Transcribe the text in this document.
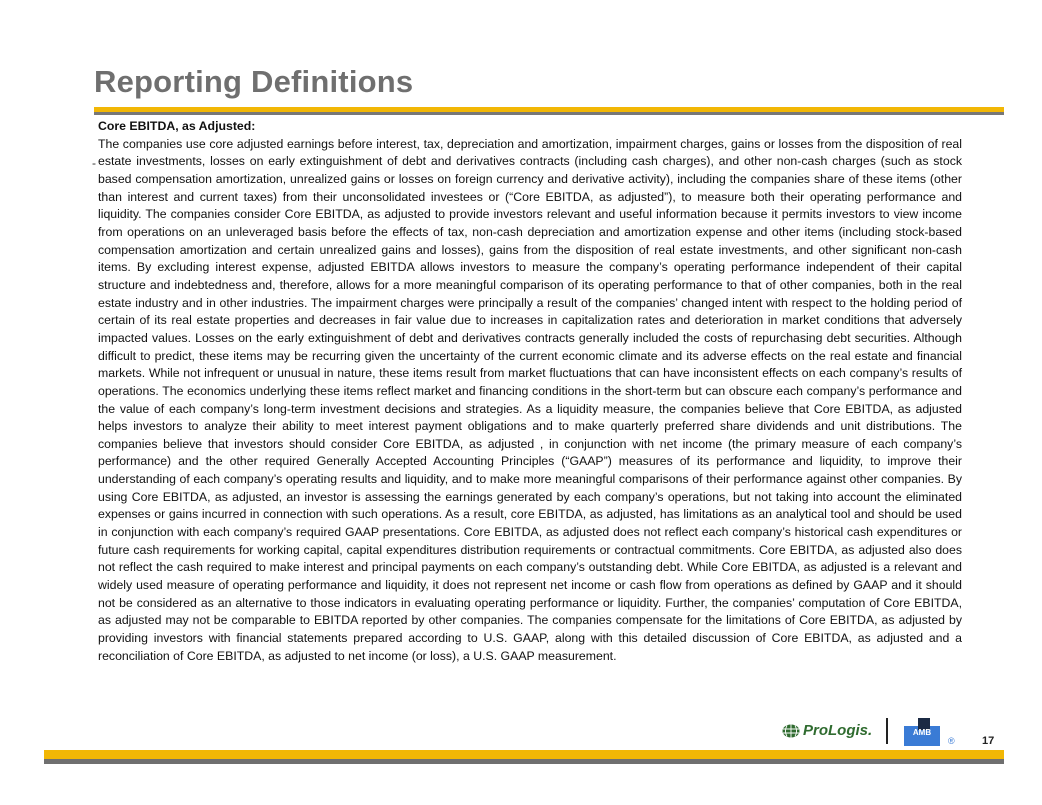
Reporting Definitions
-

Core EBITDA, as Adjusted:

The companies use core adjusted earnings before interest, tax, depreciation and amortization, impairment charges, gains or losses from the disposition of real estate investments, losses on early extinguishment of debt and derivatives contracts (including cash charges), and other non-cash charges (such as stock based compensation amortization, unrealized gains or losses on foreign currency and derivative activity), including the companies share of these items (other than interest and current taxes) from their unconsolidated investees or (“Core EBITDA, as adjusted”), to measure both their operating performance and liquidity. The companies consider Core EBITDA, as adjusted to provide investors relevant and useful information because it permits investors to view income from operations on an unleveraged basis before the effects of tax, non-cash depreciation and amortization expense and other items (including stock-based compensation amortization and certain unrealized gains and losses), gains from the disposition of real estate investments, and other significant non-cash items. By excluding interest expense, adjusted EBITDA allows investors to measure the company’s operating performance independent of their capital structure and indebtedness and, therefore, allows for a more meaningful comparison of its operating performance to that of other companies, both in the real estate industry and in other industries. The impairment charges were principally a result of the companies’ changed intent with respect to the holding period of certain of its real estate properties and decreases in fair value due to increases in capitalization rates and deterioration in market conditions that adversely impacted values. Losses on the early extinguishment of debt and derivatives contracts generally included the costs of repurchasing debt securities. Although difficult to predict, these items may be recurring given the uncertainty of the current economic climate and its adverse effects on the real estate and financial markets. While not infrequent or unusual in nature, these items result from market fluctuations that can have inconsistent effects on each company’s results of operations. The economics underlying these items reflect market and financing conditions in the short-term but can obscure each company’s performance and the value of each company’s long-term investment decisions and strategies. As a liquidity measure, the companies believe that Core EBITDA, as adjusted helps investors to analyze their ability to meet interest payment obligations and to make quarterly preferred share dividends and unit distributions. The companies believe that investors should consider Core EBITDA, as adjusted , in conjunction with net income (the primary measure of each company’s performance) and the other required Generally Accepted Accounting Principles (“GAAP”) measures of its performance and liquidity, to improve their understanding of each company’s operating results and liquidity, and to make more meaningful comparisons of their performance against other companies. By using Core EBITDA, as adjusted, an investor is assessing the earnings generated by each company’s operations, but not taking into account the eliminated expenses or gains incurred in connection with such operations. As a result, core EBITDA, as adjusted, has limitations as an analytical tool and should be used in conjunction with each company’s required GAAP presentations. Core EBITDA, as adjusted does not reflect each company’s historical cash expenditures or future cash requirements for working capital, capital expenditures distribution requirements or contractual commitments. Core EBITDA, as adjusted also does not reflect the cash required to make interest and principal payments on each company’s outstanding debt. While Core EBITDA, as adjusted is a relevant and widely used measure of operating performance and liquidity, it does not represent net income or cash flow from operations as defined by GAAP and it should not be considered as an alternative to those indicators in evaluating operating performance or liquidity. Further, the companies’ computation of Core EBITDA, as adjusted may not be comparable to EBITDA reported by other companies. The companies compensate for the limitations of Core EBITDA, as adjusted by providing investors with financial statements prepared according to U.S. GAAP, along with this detailed discussion of Core EBITDA, as adjusted and a reconciliation of Core EBITDA, as adjusted to net income (or loss), a U.S. GAAP measurement.

ProLogis.	AMB
® 17
